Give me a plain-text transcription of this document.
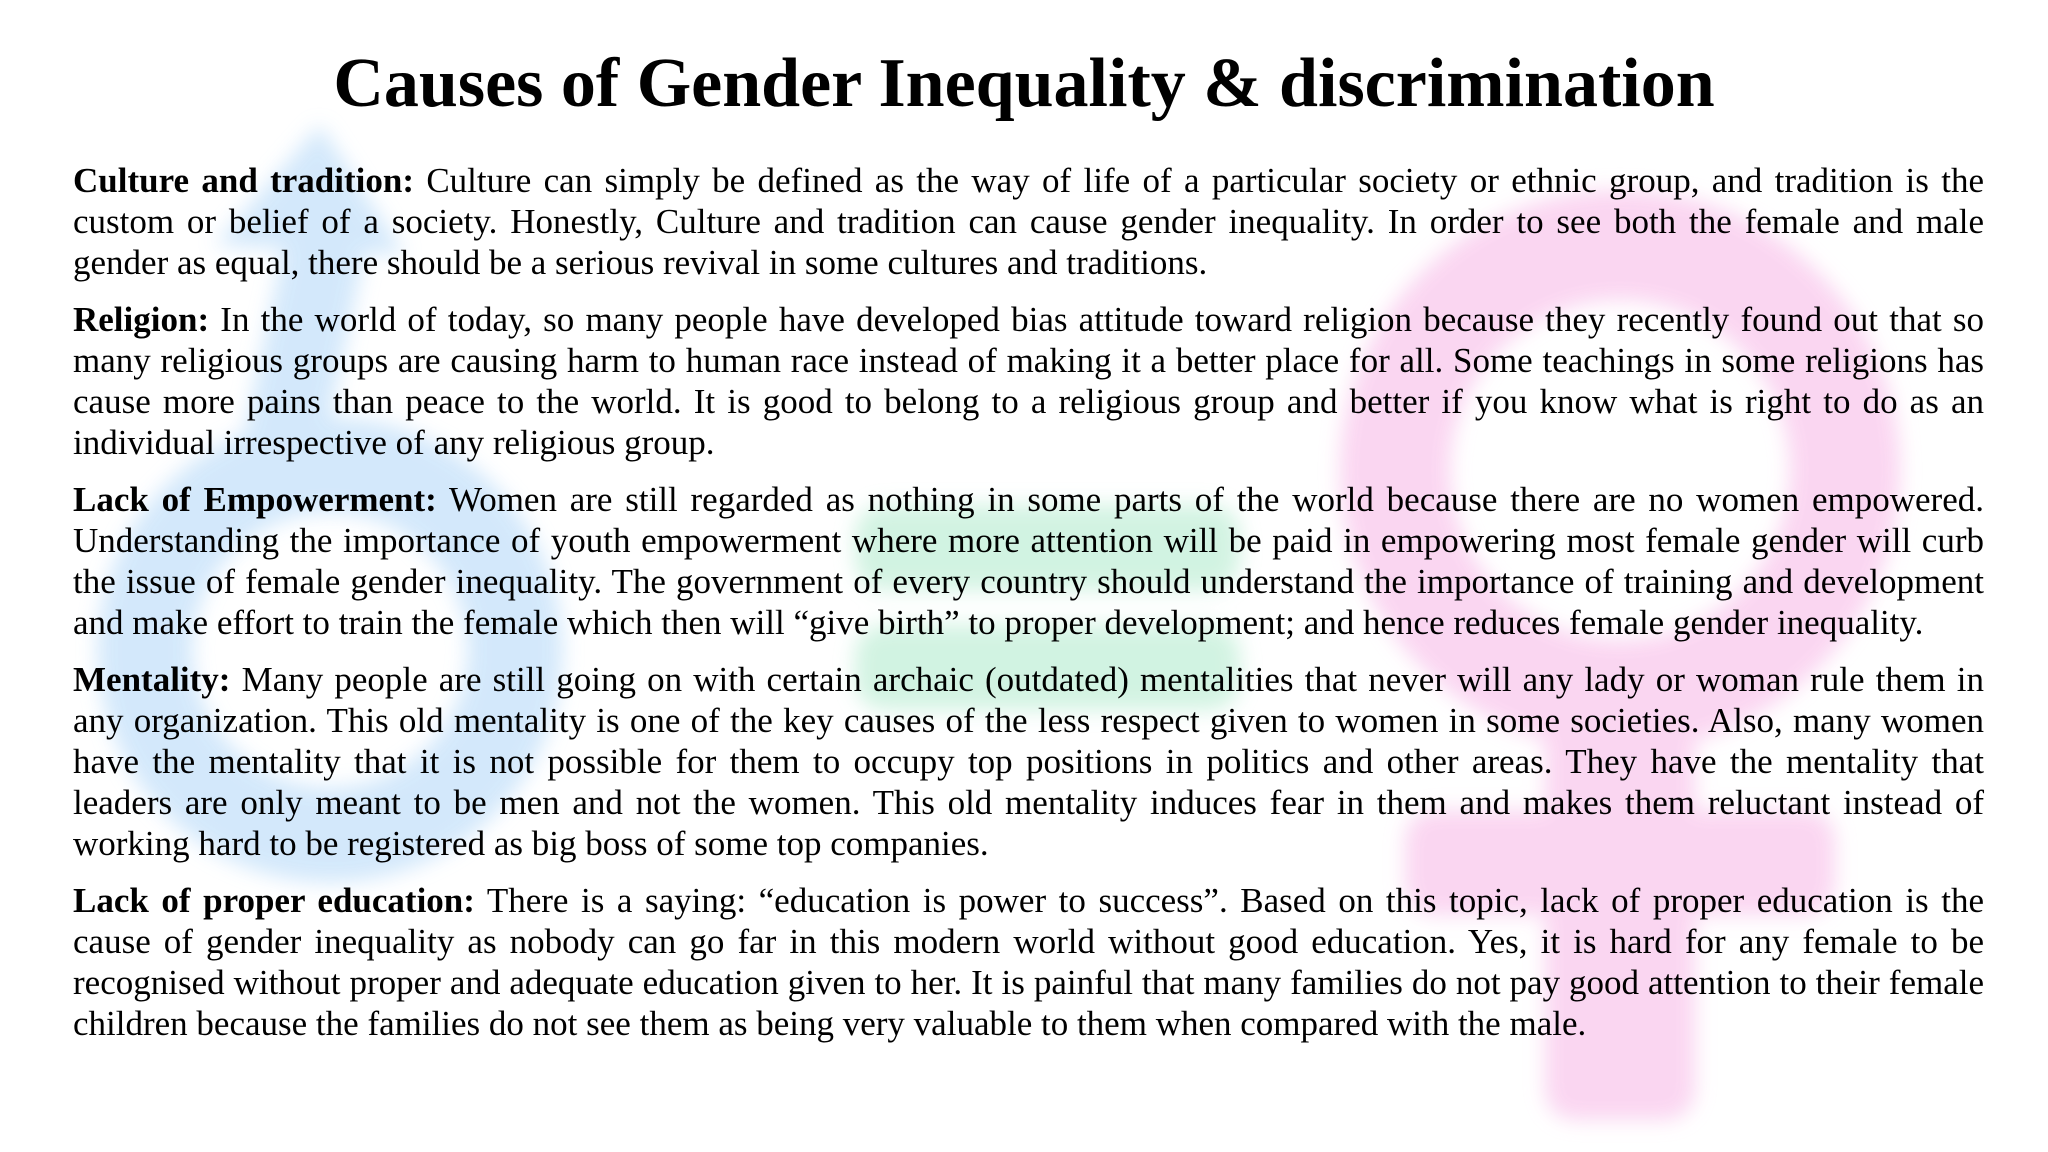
Causes of Gender Inequality & discrimination

Culture and tradition: Culture can simply be defined as the way of life of a particular society or ethnic group, and tradition is the custom or belief of a society. Honestly, Culture and tradition can cause gender inequality. In order to see both the female and male gender as equal, there should be a serious revival in some cultures and traditions.

Religion: In the world of today, so many people have developed bias attitude toward religion because they recently found out that so many religious groups are causing harm to human race instead of making it a better place for all. Some teachings in some religions has cause more pains than peace to the world. It is good to belong to a religious group and better if you know what is right to do as an individual irrespective of any religious group.

Lack of Empowerment: Women are still regarded as nothing in some parts of the world because there are no women empowered. Understanding the importance of youth empowerment where more attention will be paid in empowering most female gender will curb the issue of female gender inequality. The government of every country should understand the importance of training and development and make effort to train the female which then will “give birth” to proper development; and hence reduces female gender inequality.

Mentality: Many people are still going on with certain archaic (outdated) mentalities that never will any lady or woman rule them in any organization. This old mentality is one of the key causes of the less respect given to women in some societies. Also, many women have the mentality that it is not possible for them to occupy top positions in politics and other areas. They have the mentality that leaders are only meant to be men and not the women. This old mentality induces fear in them and makes them reluctant instead of working hard to be registered as big boss of some top companies.

Lack of proper education: There is a saying: “education is power to success”. Based on this topic, lack of proper education is the cause of gender inequality as nobody can go far in this modern world without good education. Yes, it is hard for any female to be recognised without proper and adequate education given to her. It is painful that many families do not pay good attention to their female children because the families do not see them as being very valuable to them when compared with the male.
